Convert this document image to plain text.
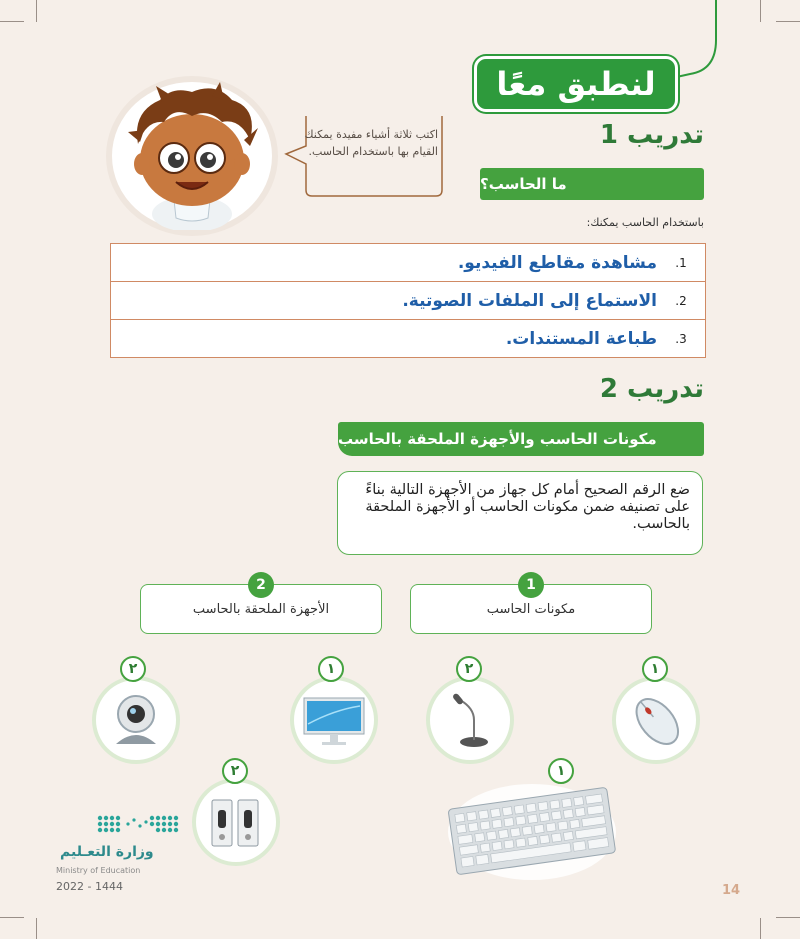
لنطبق معًا
اكتب ثلاثة أشياء مفيدة يمكنك القيام بها باستخدام الحاسب.
تدريب 1
ما الحاسب؟
باستخدام الحاسب يمكنك:
.1
مشاهدة مقاطع الفيديو.
.2
الاستماع إلى الملفات الصوتية.
.3
طباعة المستندات.
تدريب 2
مكونات الحاسب والأجهزة الملحقة بالحاسب
ضع الرقم الصحيح أمام كل جهاز من الأجهزة التالية بناءً على تصنيفه ضمن مكونات الحاسب أو الأجهزة الملحقة بالحاسب.
مكونات الحاسب
1
الأجهزة الملحقة بالحاسب
2
١
٢
١
٢
١
٢
وزارة التعـليم
Ministry of Education
2022 - 1444	14
